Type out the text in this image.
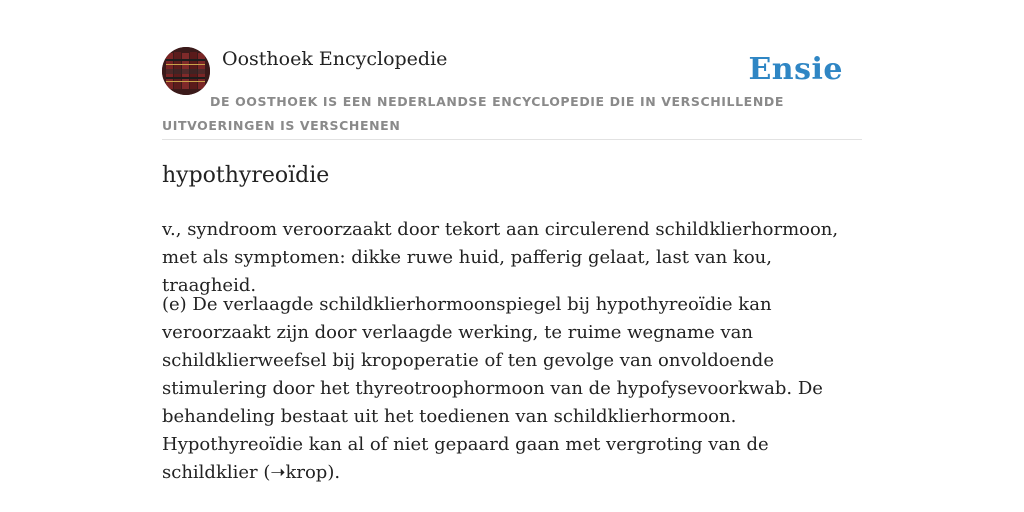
Oosthoek Encyclopedie	Ensie
DE OOSTHOEK IS EEN NEDERLANDSE ENCYCLOPEDIE DIE IN VERSCHILLENDE UITVOERINGEN IS VERSCHENEN
hypothyreoïdie

v., syndroom veroorzaakt door tekort aan circulerend schildklierhormoon, met als symptomen: dikke ruwe huid, pafferig gelaat, last van kou, traagheid.

(e) De verlaagde schildklierhormoonspiegel bij hypothyreoïdie kan veroorzaakt zijn door verlaagde werking, te ruime wegname van schildklierweefsel bij kropoperatie of ten gevolge van onvoldoende stimulering door het thyreotroophormoon van de hypofysevoorkwab. De behandeling bestaat uit het toedienen van schildklierhormoon. Hypothyreoïdie kan al of niet gepaard gaan met vergroting van de schildklier (➝krop).
